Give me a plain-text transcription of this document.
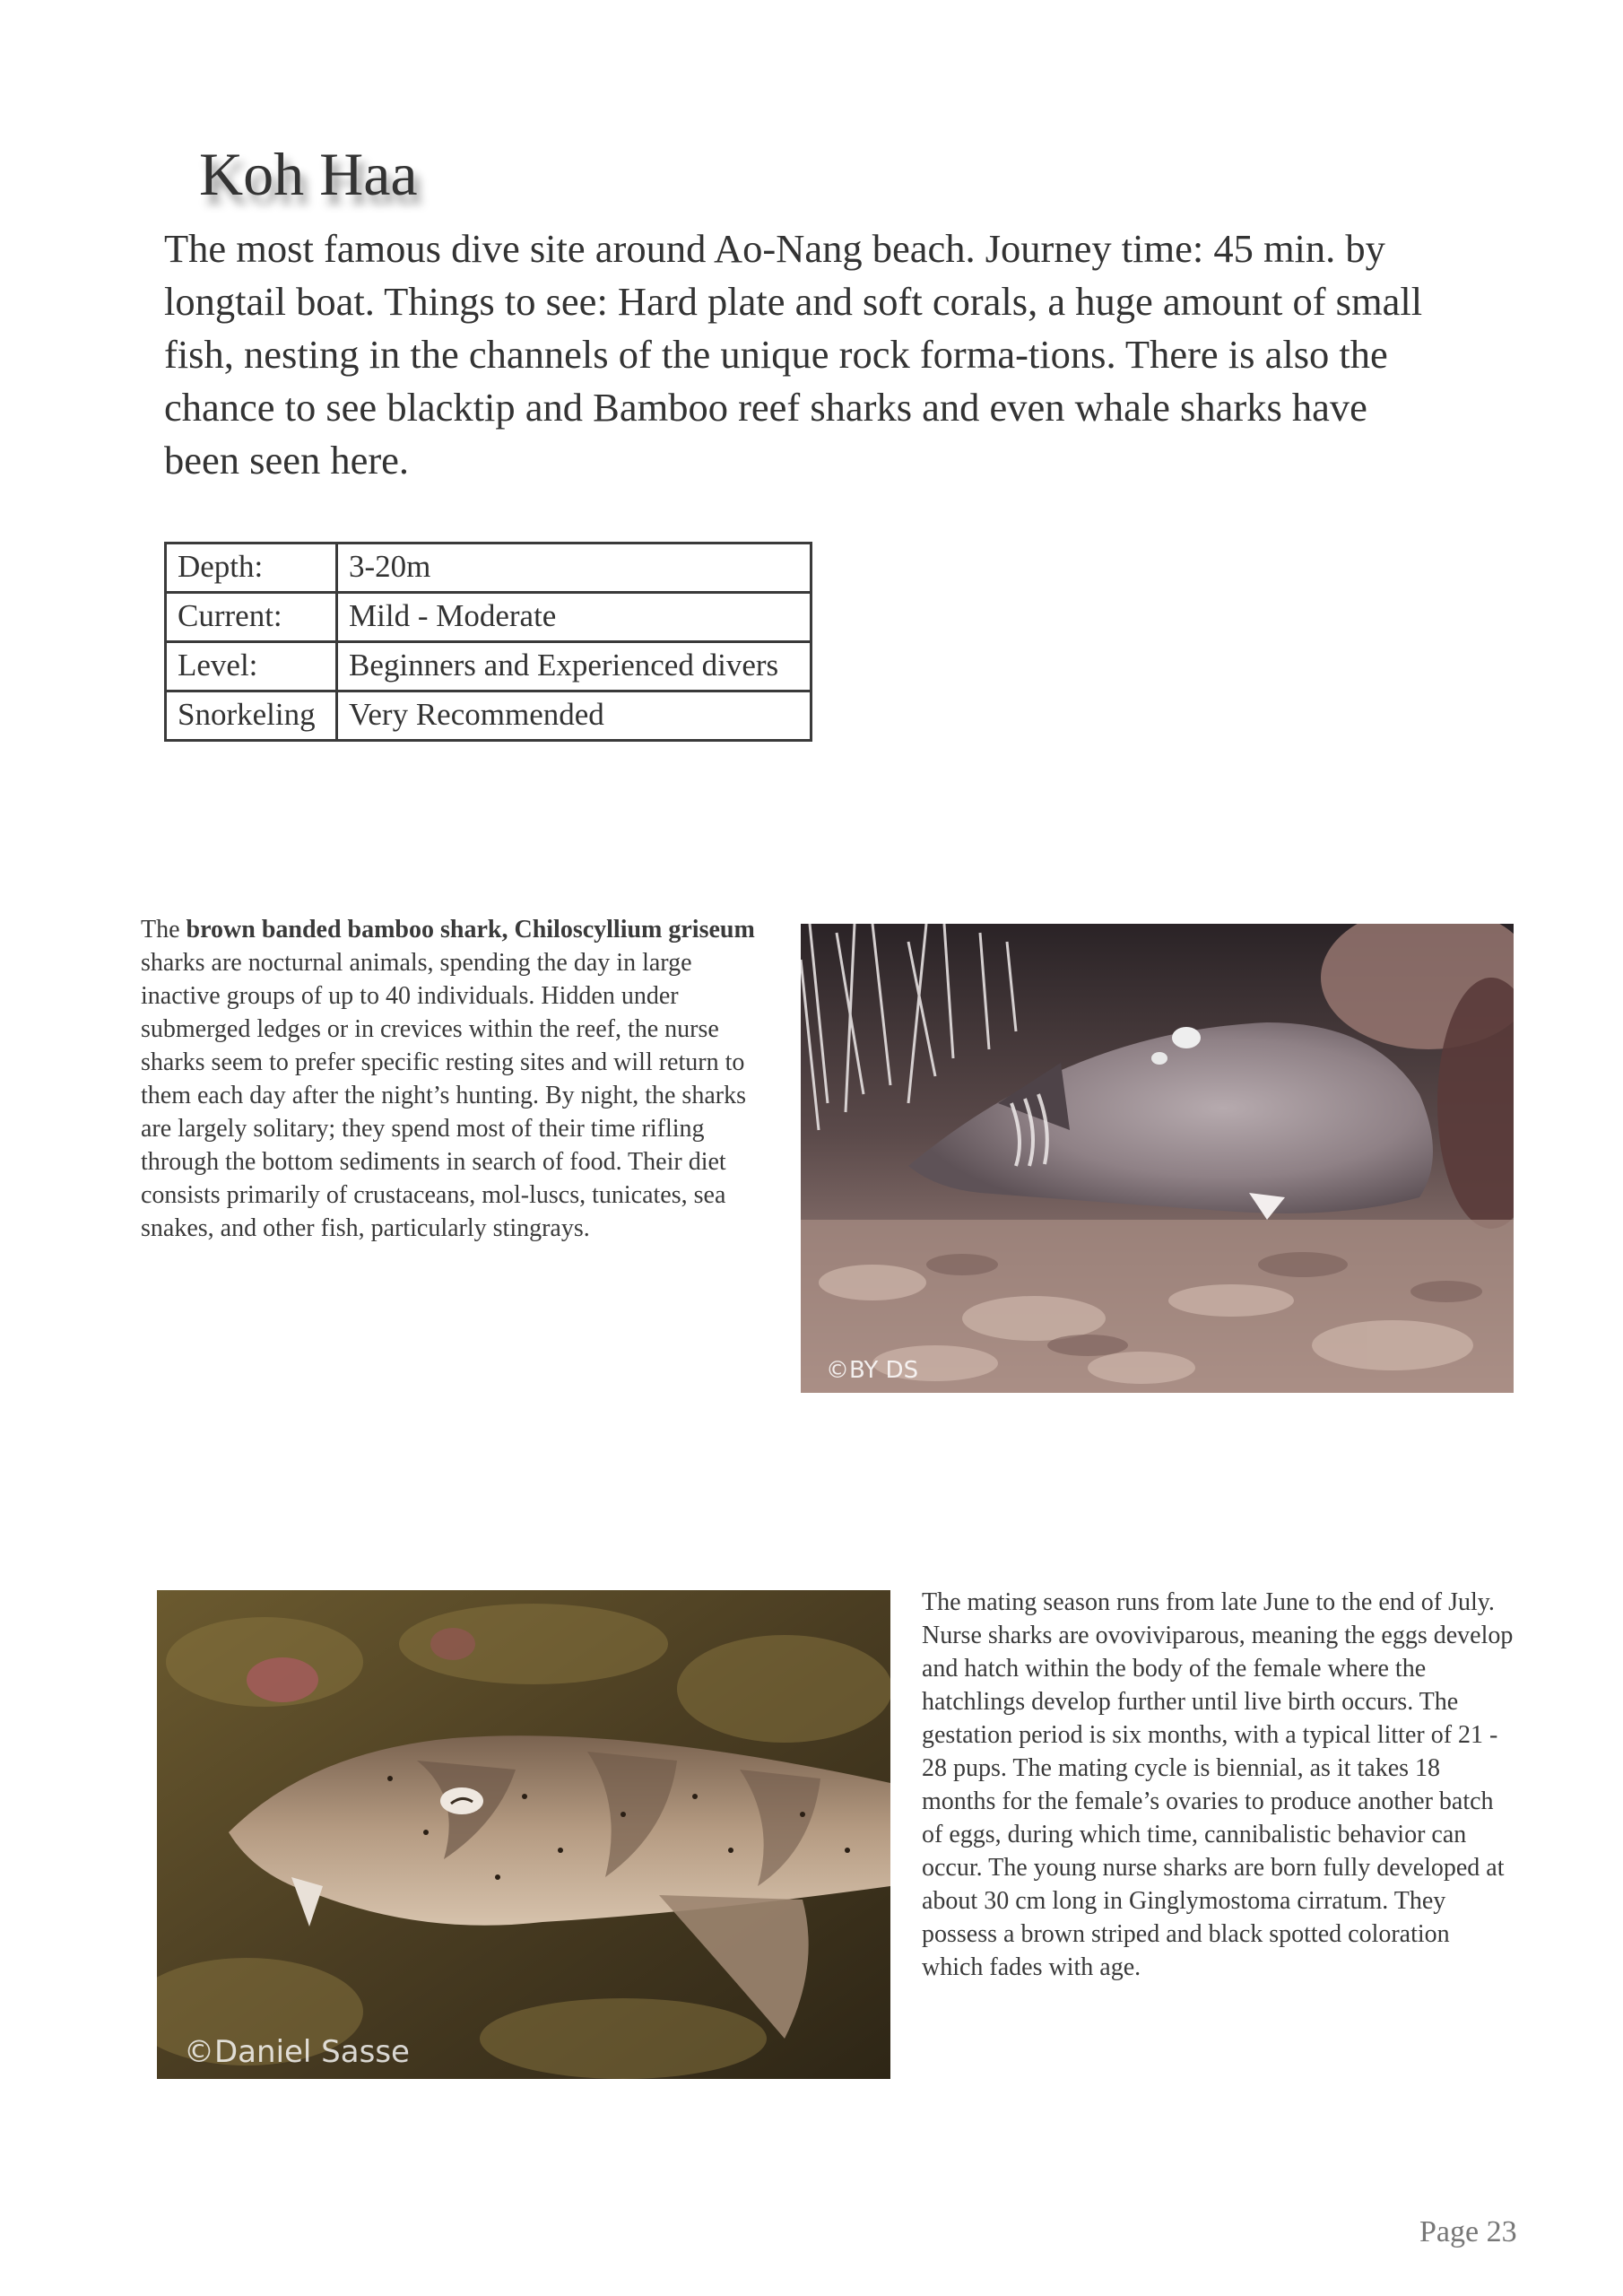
Koh Haa
The most famous dive site around Ao-Nang beach. Journey time: 45 min. by longtail boat. Things to see: Hard plate and soft corals, a huge amount of small fish, nesting in the channels of the unique rock forma-tions. There is also the chance to see blacktip and Bamboo reef sharks and even whale sharks have been seen here.
Depth:	3-20m
Current:	Mild - Moderate
Level:	Beginners and Experienced divers
Snorkeling	Very Recommended
The brown banded bamboo shark, Chiloscyllium griseum sharks are nocturnal animals, spending the day in large inactive groups of up to 40 individuals. Hidden under submerged ledges or in crevices within the reef, the nurse sharks seem to prefer specific resting sites and will return to them each day after the night’s hunting. By night, the sharks are largely solitary; they spend most of their time rifling through the bottom sediments in search of food. Their diet consists primarily of crustaceans, mol-luscs, tunicates, sea snakes, and other fish, particularly stingrays.
©BY DS
©Daniel Sasse
The mating season runs from late June to the end of July. Nurse sharks are ovoviviparous, meaning the eggs develop and hatch within the body of the female where the hatchlings develop further until live birth occurs. The gestation period is six months, with a typical litter of 21 - 28 pups. The mating cycle is biennial, as it takes 18 months for the female’s ovaries to produce another batch of eggs, during which time, cannibalistic behavior can occur. The young nurse sharks are born fully developed at about 30 cm long in Ginglymostoma cirratum. They possess a brown striped and black spotted coloration which fades with age.
Page 23
